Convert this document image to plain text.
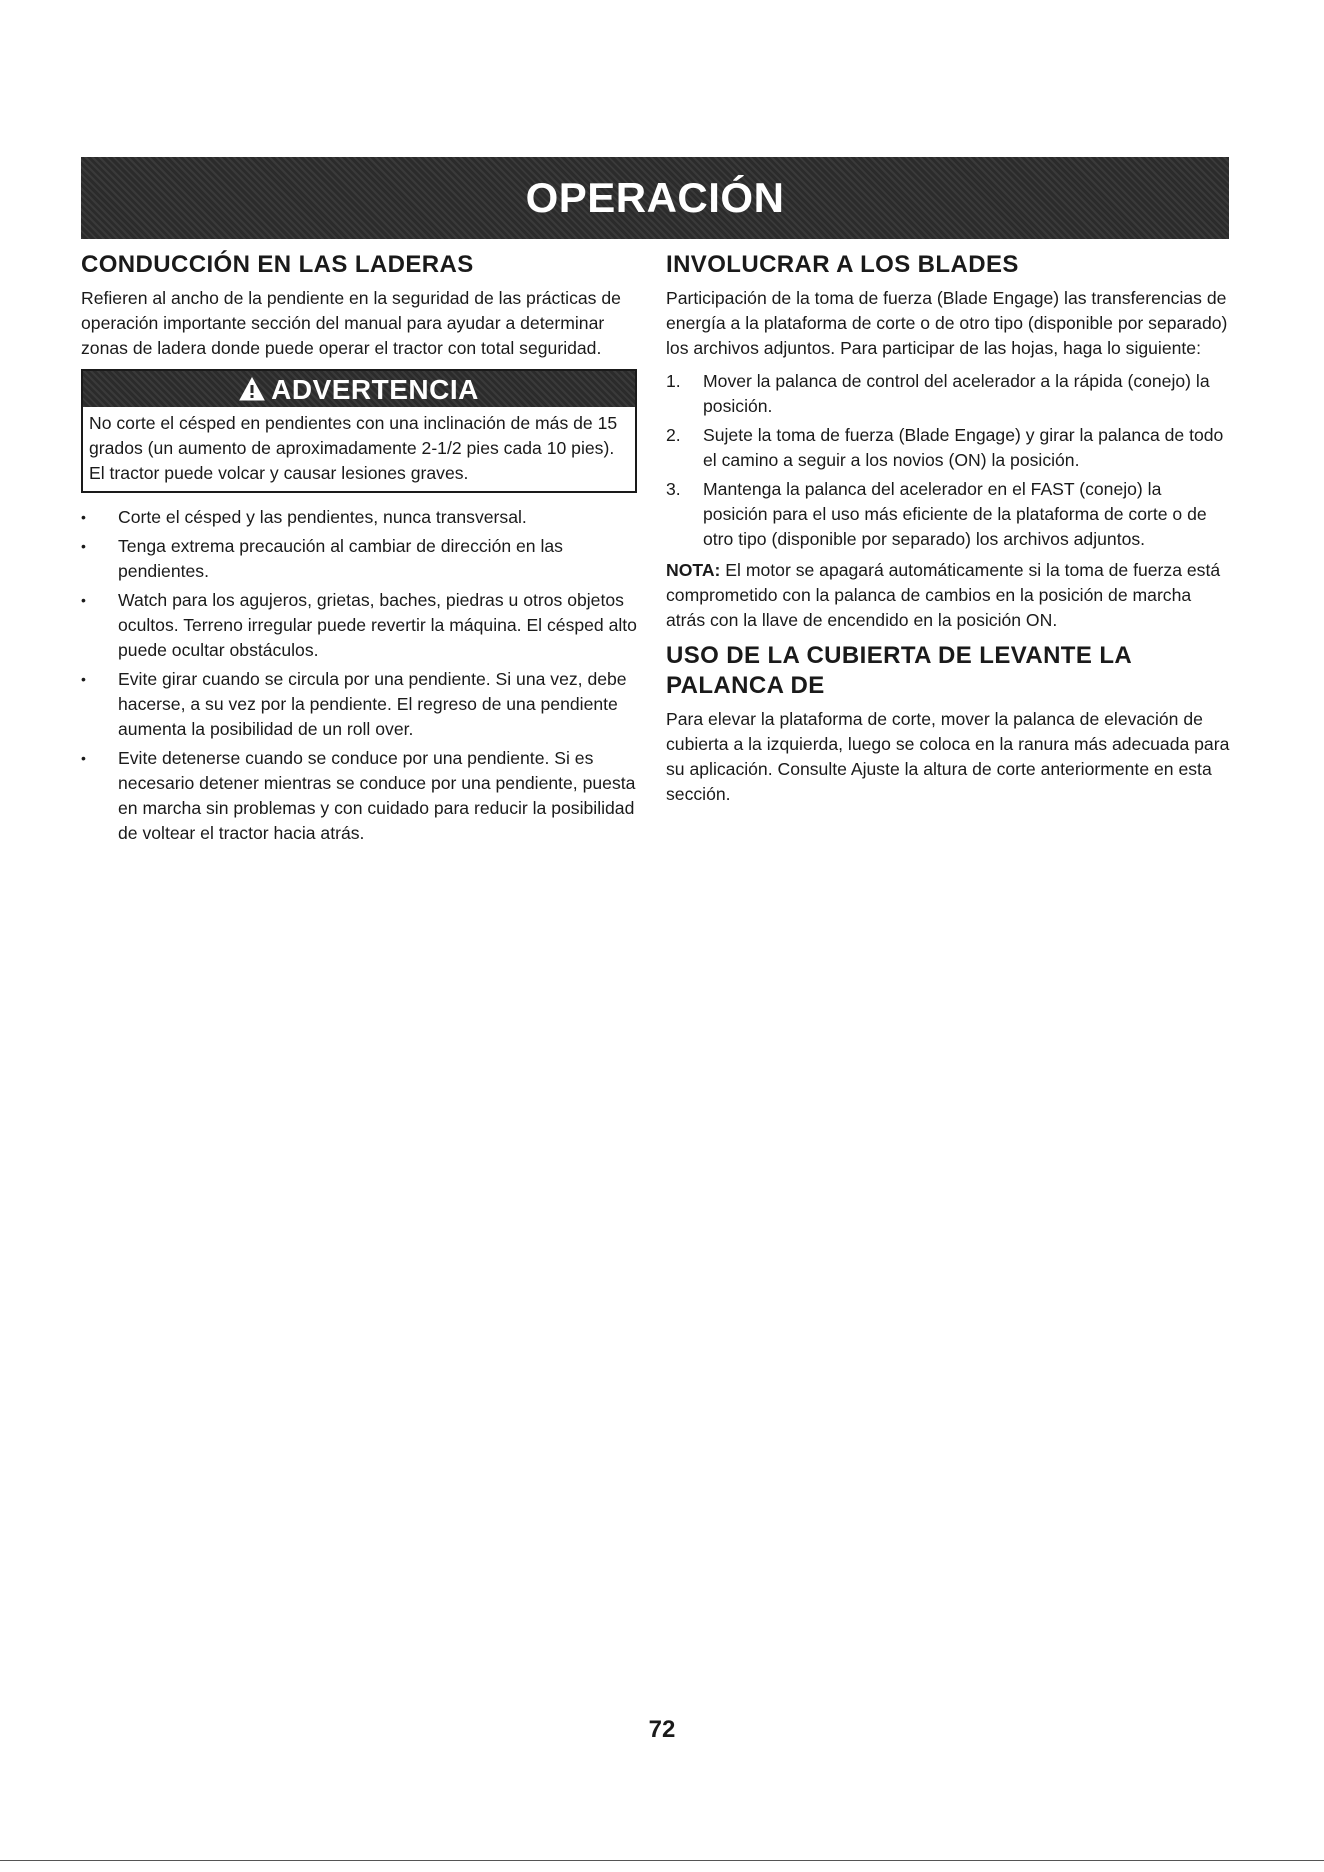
OPERACIÓN
CONDUCCIÓN EN LAS LADERAS

Refieren al ancho de la pendiente en la seguridad de las prácticas de operación importante sección del manual para ayudar a determinar zonas de ladera donde puede operar el tractor con total seguridad.

ADVERTENCIA
No corte el césped en pendientes con una inclinación de más de 15 grados (un aumento de aproximadamente 2-1/2 pies cada 10 pies). El tractor puede volcar y causar lesiones graves.
• Corte el césped y las pendientes, nunca transversal.
• Tenga extrema precaución al cambiar de dirección en las pendientes.
• Watch para los agujeros, grietas, baches, piedras u otros objetos ocultos. Terreno irregular puede revertir la máquina. El césped alto puede ocultar obstáculos.
• Evite girar cuando se circula por una pendiente. Si una vez, debe hacerse, a su vez por la pendiente. El regreso de una pendiente aumenta la posibilidad de un roll over.
• Evite detenerse cuando se conduce por una pendiente. Si es necesario detener mientras se conduce por una pendiente, puesta en marcha sin problemas y con cuidado para reducir la posibilidad de voltear el tractor hacia atrás.
INVOLUCRAR A LOS BLADES

Participación de la toma de fuerza (Blade Engage) las transferencias de energía a la plataforma de corte o de otro tipo (disponible por separado) los archivos adjuntos. Para participar de las hojas, haga lo siguiente:

1. Mover la palanca de control del acelerador a la rápida (conejo) la posición.
2. Sujete la toma de fuerza (Blade Engage) y girar la palanca de todo el camino a seguir a los novios (ON) la posición.
3. Mantenga la palanca del acelerador en el FAST (conejo) la posición para el uso más eficiente de la plataforma de corte o de otro tipo (disponible por separado) los archivos adjuntos.

NOTA: El motor se apagará automáticamente si la toma de fuerza está comprometido con la palanca de cambios en la posición de marcha atrás con la llave de encendido en la posición ON.

USO DE LA CUBIERTA DE LEVANTE LA PALANCA DE

Para elevar la plataforma de corte, mover la palanca de elevación de cubierta a la izquierda, luego se coloca en la ranura más adecuada para su aplicación. Consulte Ajuste la altura de corte anteriormente en esta sección.

72
